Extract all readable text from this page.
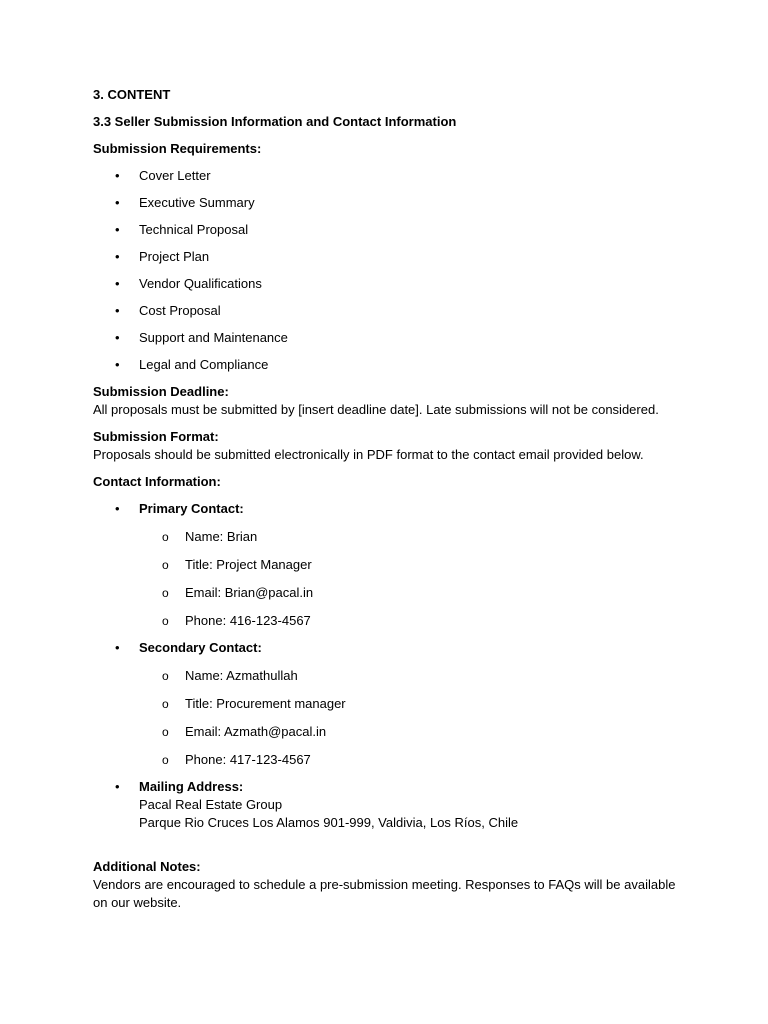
3. CONTENT

3.3 Seller Submission Information and Contact Information

Submission Requirements:

• Cover Letter
• Executive Summary
• Technical Proposal
• Project Plan
• Vendor Qualifications
• Cost Proposal
• Support and Maintenance
• Legal and Compliance
Submission Deadline:
All proposals must be submitted by [insert deadline date]. Late submissions will not be considered.
Submission Format:
Proposals should be submitted electronically in PDF format to the contact email provided below.

Contact Information:

• Primary Contact:
o Name: Brian
o Title: Project Manager
o Email: Brian@pacal.in
o Phone: 416-123-4567
• Secondary Contact:
o Name: Azmathullah
o Title: Procurement manager
o Email: Azmath@pacal.in
o Phone: 417-123-4567
• Mailing Address:
Pacal Real Estate Group
Parque Rio Cruces Los Alamos 901-999, Valdivia, Los Ríos, Chile
Additional Notes:
Vendors are encouraged to schedule a pre-submission meeting. Responses to FAQs will be available on our website.
